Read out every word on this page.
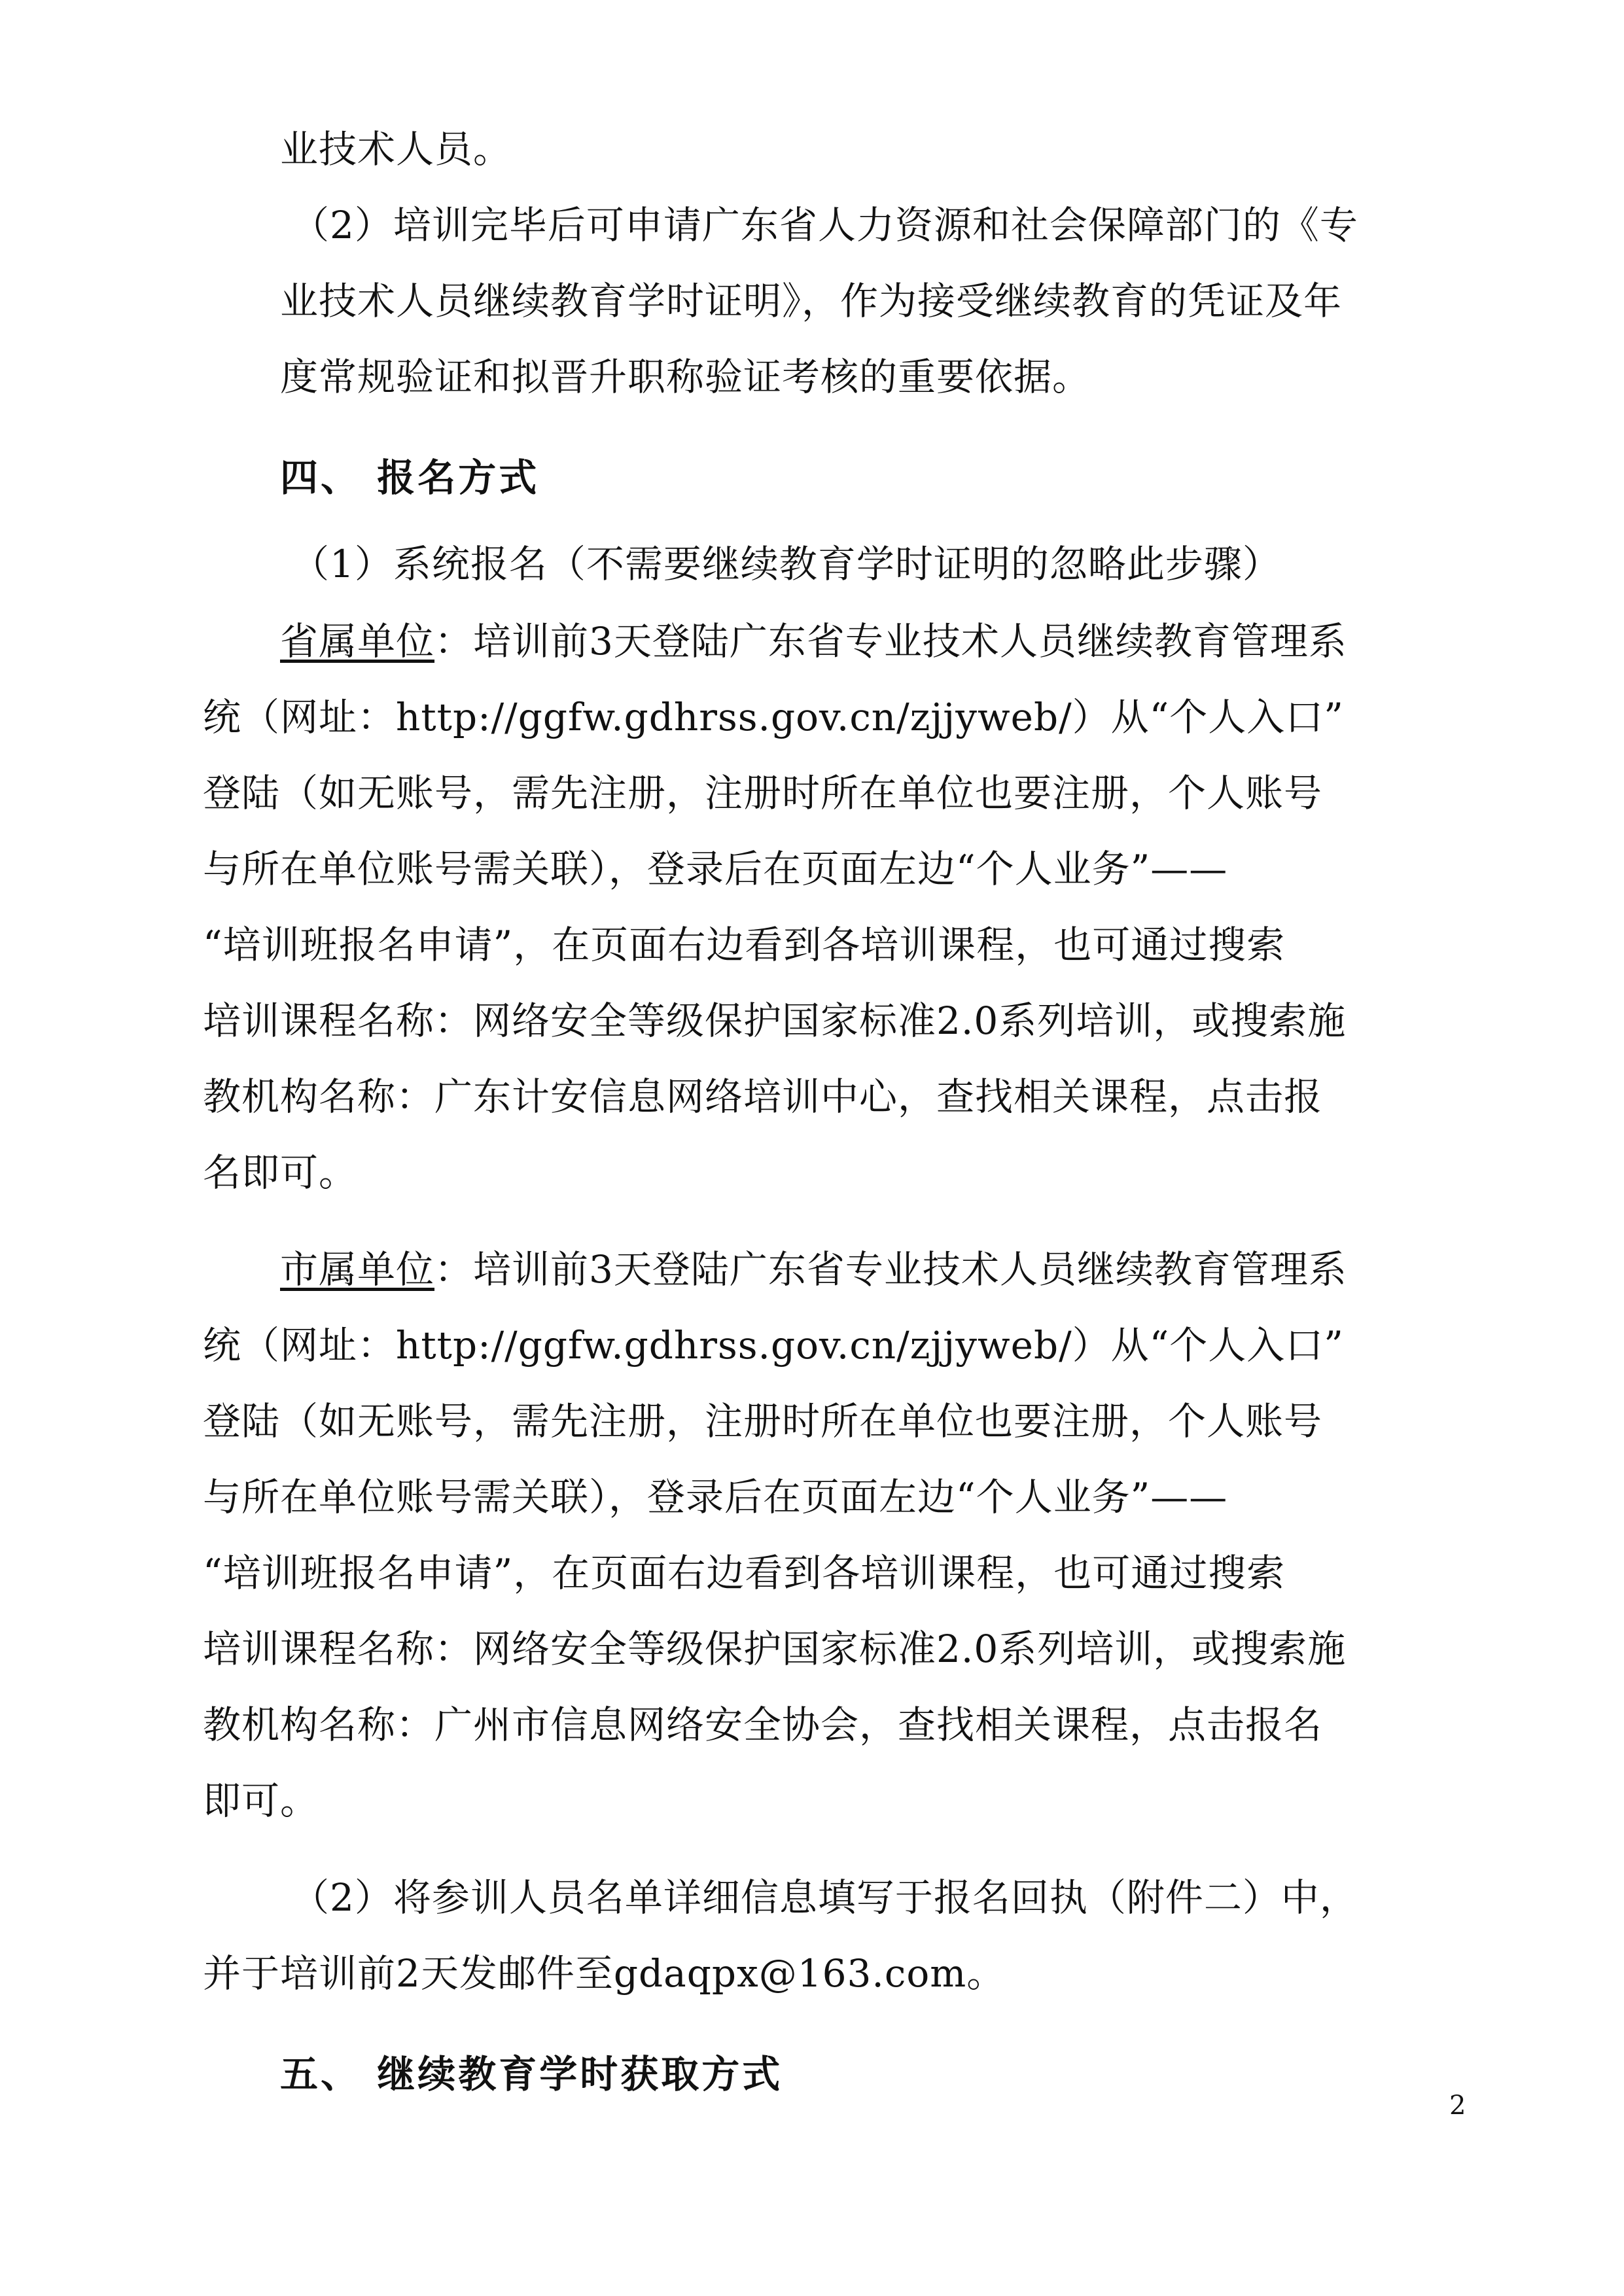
业技术人员。
（2）培训完毕后可申请广东省人力资源和社会保障部门的《专
业技术人员继续教育学时证明》，作为接受继续教育的凭证及年
度常规验证和拟晋升职称验证考核的重要依据。
四、 报名方式
（1）系统报名（不需要继续教育学时证明的忽略此步骤）
省属单位：培训前3天登陆广东省专业技术人员继续教育管理系
统（网址：http://ggfw.gdhrss.gov.cn/zjjyweb/）从“个人入口”
登陆（如无账号，需先注册，注册时所在单位也要注册，个人账号
与所在单位账号需关联），登录后在页面左边“个人业务”——
“培训班报名申请”，在页面右边看到各培训课程，也可通过搜索
培训课程名称：网络安全等级保护国家标准2.0系列培训，或搜索施
教机构名称：广东计安信息网络培训中心，查找相关课程，点击报
名即可。
市属单位：培训前3天登陆广东省专业技术人员继续教育管理系
统（网址：http://ggfw.gdhrss.gov.cn/zjjyweb/）从“个人入口”
登陆（如无账号，需先注册，注册时所在单位也要注册，个人账号
与所在单位账号需关联），登录后在页面左边“个人业务”——
“培训班报名申请”，在页面右边看到各培训课程，也可通过搜索
培训课程名称：网络安全等级保护国家标准2.0系列培训，或搜索施
教机构名称：广州市信息网络安全协会，查找相关课程，点击报名
即可。
（2）将参训人员名单详细信息填写于报名回执（附件二）中，
并于培训前2天发邮件至gdaqpx@163.com。
五、 继续教育学时获取方式
2
